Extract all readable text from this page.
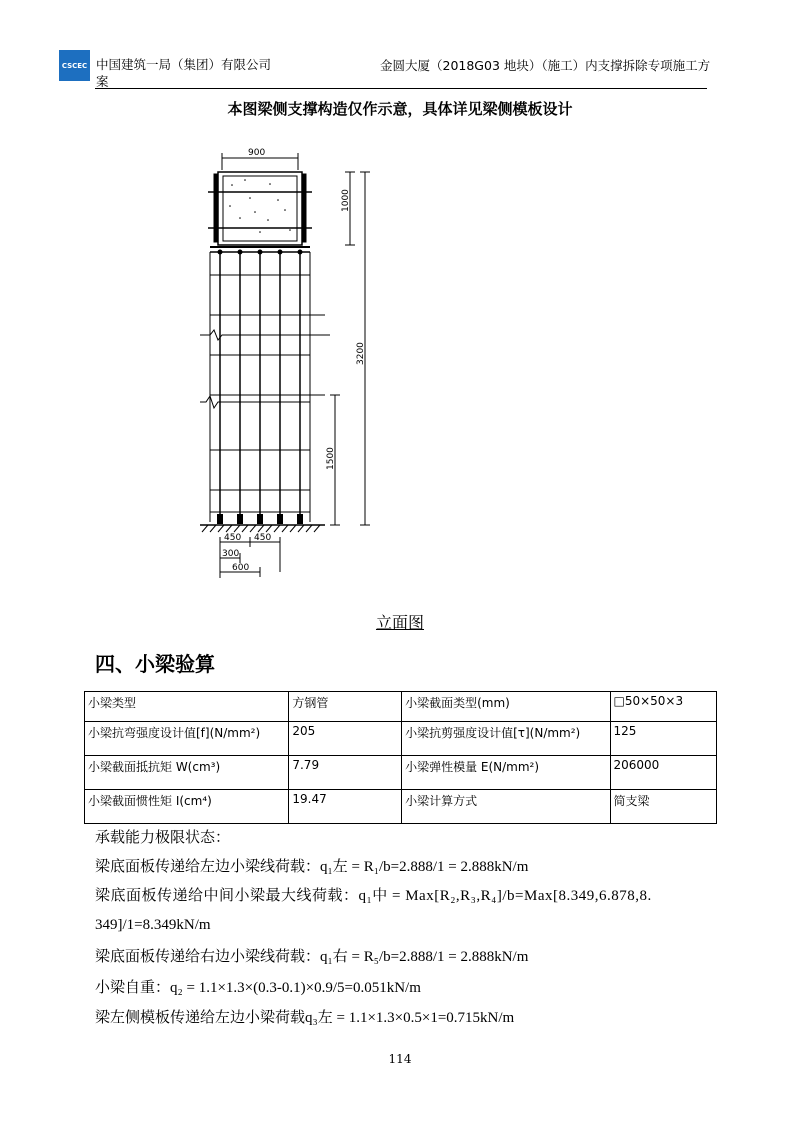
CSCEC 中国建筑一局（集团）有限公司
案
金圆大厦（2018G03 地块）（施工）内支撑拆除专项施工方
本图梁侧支撑构造仅作示意，具体详见梁侧模板设计
900
1000
3200
1500
450 450
300
600
立面图
四、小梁验算
小梁类型	方钢管	小梁截面类型(mm)	□50×50×3
小梁抗弯强度设计值[f](N/mm²)	205	小梁抗剪强度设计值[τ](N/mm²)	125
小梁截面抵抗矩 W(cm³)	7.79	小梁弹性模量 E(N/mm²)	206000
小梁截面惯性矩 I(cm⁴)	19.47	小梁计算方式	简支梁
承载能力极限状态：
梁底面板传递给左边小梁线荷载：q₁左 = R₁/b=2.888/1 = 2.888kN/m
梁底面板传递给中间小梁最大线荷载：q₁中 = Max[R₂,R₃,R₄]/b=Max[8.349,6.878,8.
349]/1=8.349kN/m
梁底面板传递给右边小梁线荷载：q₁右 = R₅/b=2.888/1 = 2.888kN/m
小梁自重：q₂ = 1.1×1.3×(0.3-0.1)×0.9/5=0.051kN/m
梁左侧模板传递给左边小梁荷载q₃左 = 1.1×1.3×0.5×1=0.715kN/m
114
